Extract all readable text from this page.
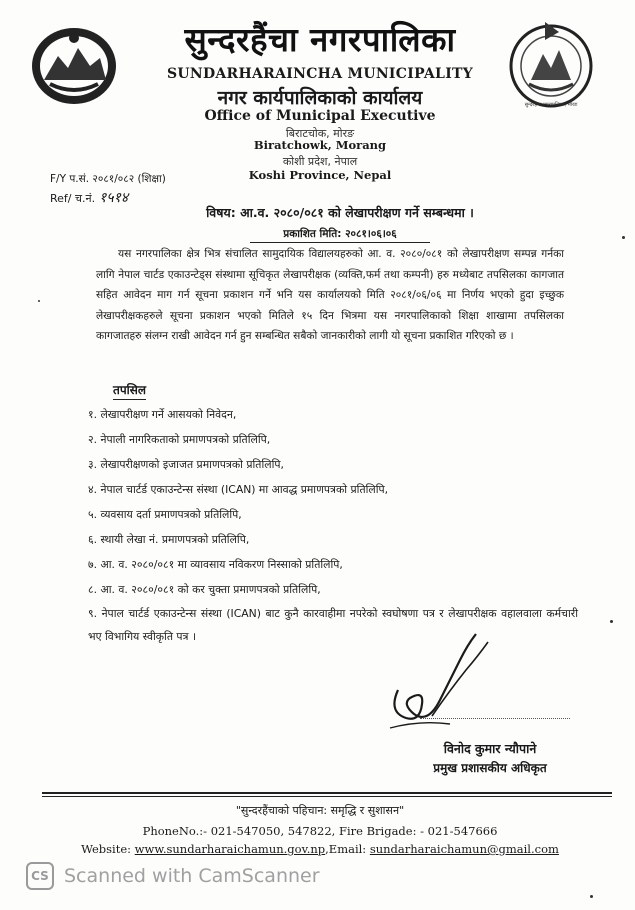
सुन्दरहैंचा नगरपालिका, मोरङ
सुन्दरहैंचा नगरपालिका
SUNDARHARAINCHA MUNICIPALITY
नगर कार्यपालिकाको कार्यालय
Office of Municipal Executive
बिराटचोक, मोरङ
Biratchowk, Morang
कोशी प्रदेश, नेपाल
Koshi Province, Nepal
F/Y प.सं. २०८१/०८२ (शिक्षा)
Ref/ च.नं. १५१४
विषय: आ.व. २०८०/०८१ को लेखापरीक्षण गर्ने सम्बन्धमा ।
प्रकाशित मिति: २०८१।०६।०६
यस नगरपालिका क्षेत्र भित्र संचालित सामुदायिक विद्यालयहरुको आ. व. २०८०/०८१ को लेखापरीक्षण सम्पन्न गर्नका लागि नेपाल चार्टड एकाउन्टेड्स संस्थामा सूचिकृत लेखापरीक्षक (व्यक्ति,फर्म तथा कम्पनी) हरु मध्येबाट तपसिलका कागजात सहित आवेदन माग गर्न सूचना प्रकाशन गर्ने भनि यस कार्यालयको मिति २०८१/०६/०६ मा निर्णय भएको हुदा इच्छुक लेखापरीक्षकहरुले सूचना प्रकाशन भएको मितिले १५ दिन भित्रमा यस नगरपालिकाको शिक्षा शाखामा तपसिलका कागजातहरु संलग्न राखी आवेदन गर्न हुन सम्बन्धित सबैको जानकारीको लागी यो सूचना प्रकाशित गरिएको छ ।
तपसिल
१. लेखापरीक्षण गर्ने आसयको निवेदन,
२. नेपाली नागरिकताको प्रमाणपत्रको प्रतिलिपि,
३. लेखापरीक्षणको इजाजत प्रमाणपत्रको प्रतिलिपि,
४. नेपाल चार्टर्ड एकाउन्टेन्स संस्था (ICAN) मा आवद्ध प्रमाणपत्रको प्रतिलिपि,
५. व्यवसाय दर्ता प्रमाणपत्रको प्रतिलिपि,
६. स्थायी लेखा नं. प्रमाणपत्रको प्रतिलिपि,
७. आ. व. २०८०/०८१ मा व्यावसाय नविकरण निस्साको प्रतिलिपि,
८. आ. व. २०८०/०८१ को कर चुक्ता प्रमाणपत्रको प्रतिलिपि,
९. नेपाल चार्टर्ड एकाउन्टेन्स संस्था (ICAN) बाट कुनै कारवाहीमा नपरेको स्वघोषणा पत्र र लेखापरीक्षक वहालवाला कर्मचारी भए विभागिय स्वीकृति पत्र ।
विनोद कुमार न्यौपाने
प्रमुख प्रशासकीय अधिकृत
"सुन्दरहैंचाको पहिचान: समृद्धि र सुशासन"
PhoneNo.:- 021-547050, 547822, Fire Brigade: - 021-547666
Website: www.sundarharaichamun.gov.np,Email: sundarharaichamun@gmail.com
CS Scanned with CamScanner
